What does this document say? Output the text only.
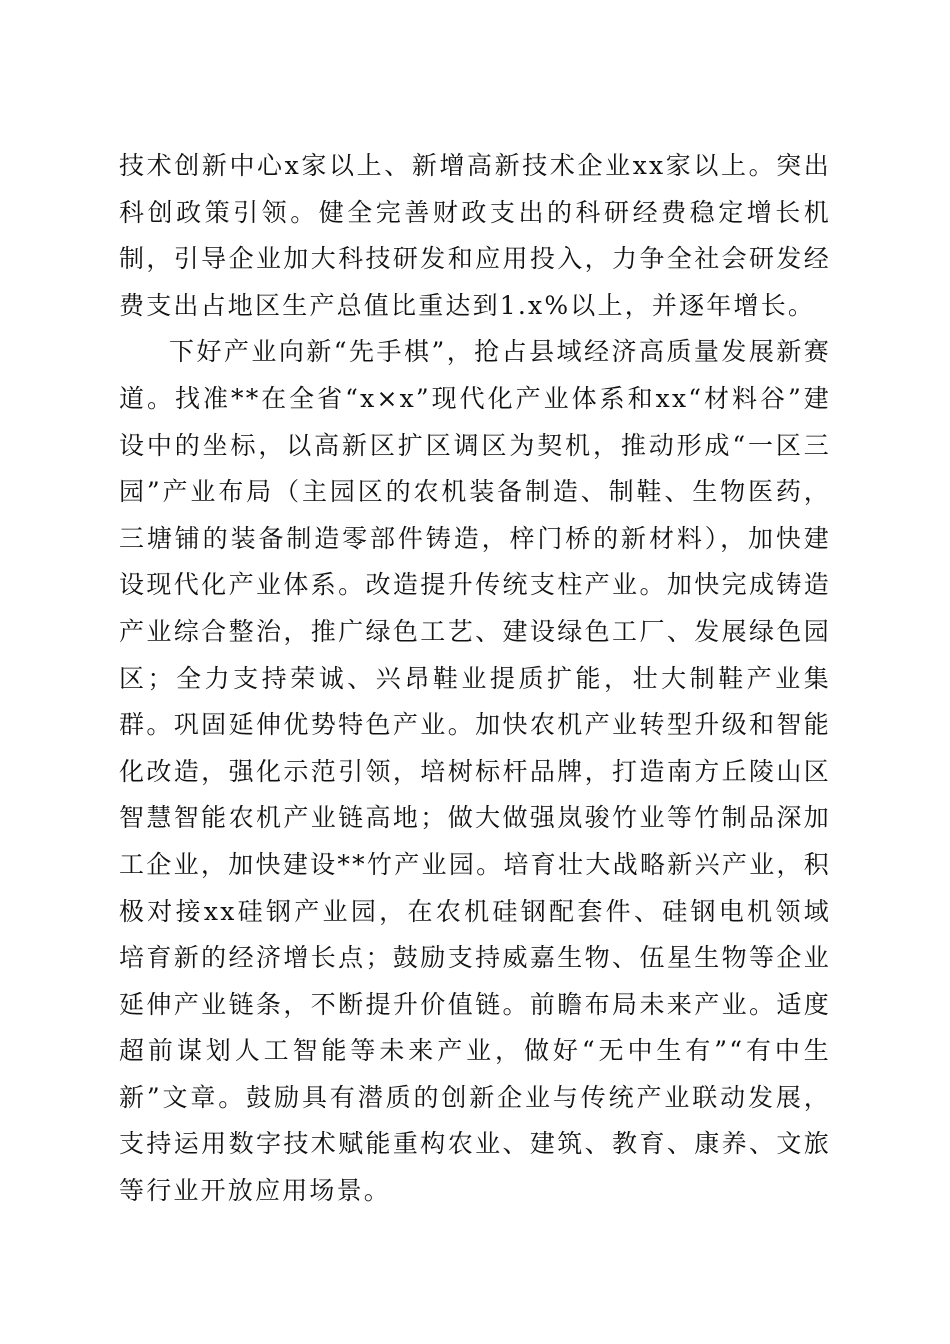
技术创新中心x家以上、新增高新技术企业xx家以上。突出科创政策引领。健全完善财政支出的科研经费稳定增长机制，引导企业加大科技研发和应用投入，力争全社会研发经费支出占地区生产总值比重达到1.x%以上，并逐年增长。

下好产业向新“先手棋”，抢占县域经济高质量发展新赛道。找准**在全省“x×x”现代化产业体系和xx“材料谷”建设中的坐标，以高新区扩区调区为契机，推动形成“一区三园”产业布局（主园区的农机装备制造、制鞋、生物医药，三塘铺的装备制造零部件铸造，梓门桥的新材料），加快建设现代化产业体系。改造提升传统支柱产业。加快完成铸造产业综合整治，推广绿色工艺、建设绿色工厂、发展绿色园区；全力支持荣诚、兴昂鞋业提质扩能，壮大制鞋产业集群。巩固延伸优势特色产业。加快农机产业转型升级和智能化改造，强化示范引领，培树标杆品牌，打造南方丘陵山区智慧智能农机产业链高地；做大做强岚骏竹业等竹制品深加工企业，加快建设**竹产业园。培育壮大战略新兴产业，积极对接xx硅钢产业园，在农机硅钢配套件、硅钢电机领域培育新的经济增长点；鼓励支持威嘉生物、伍星生物等企业延伸产业链条，不断提升价值链。前瞻布局未来产业。适度超前谋划人工智能等未来产业，做好“无中生有”“有中生新”文章。鼓励具有潜质的创新企业与传统产业联动发展，支持运用数字技术赋能重构农业、建筑、教育、康养、文旅等行业开放应用场景。
